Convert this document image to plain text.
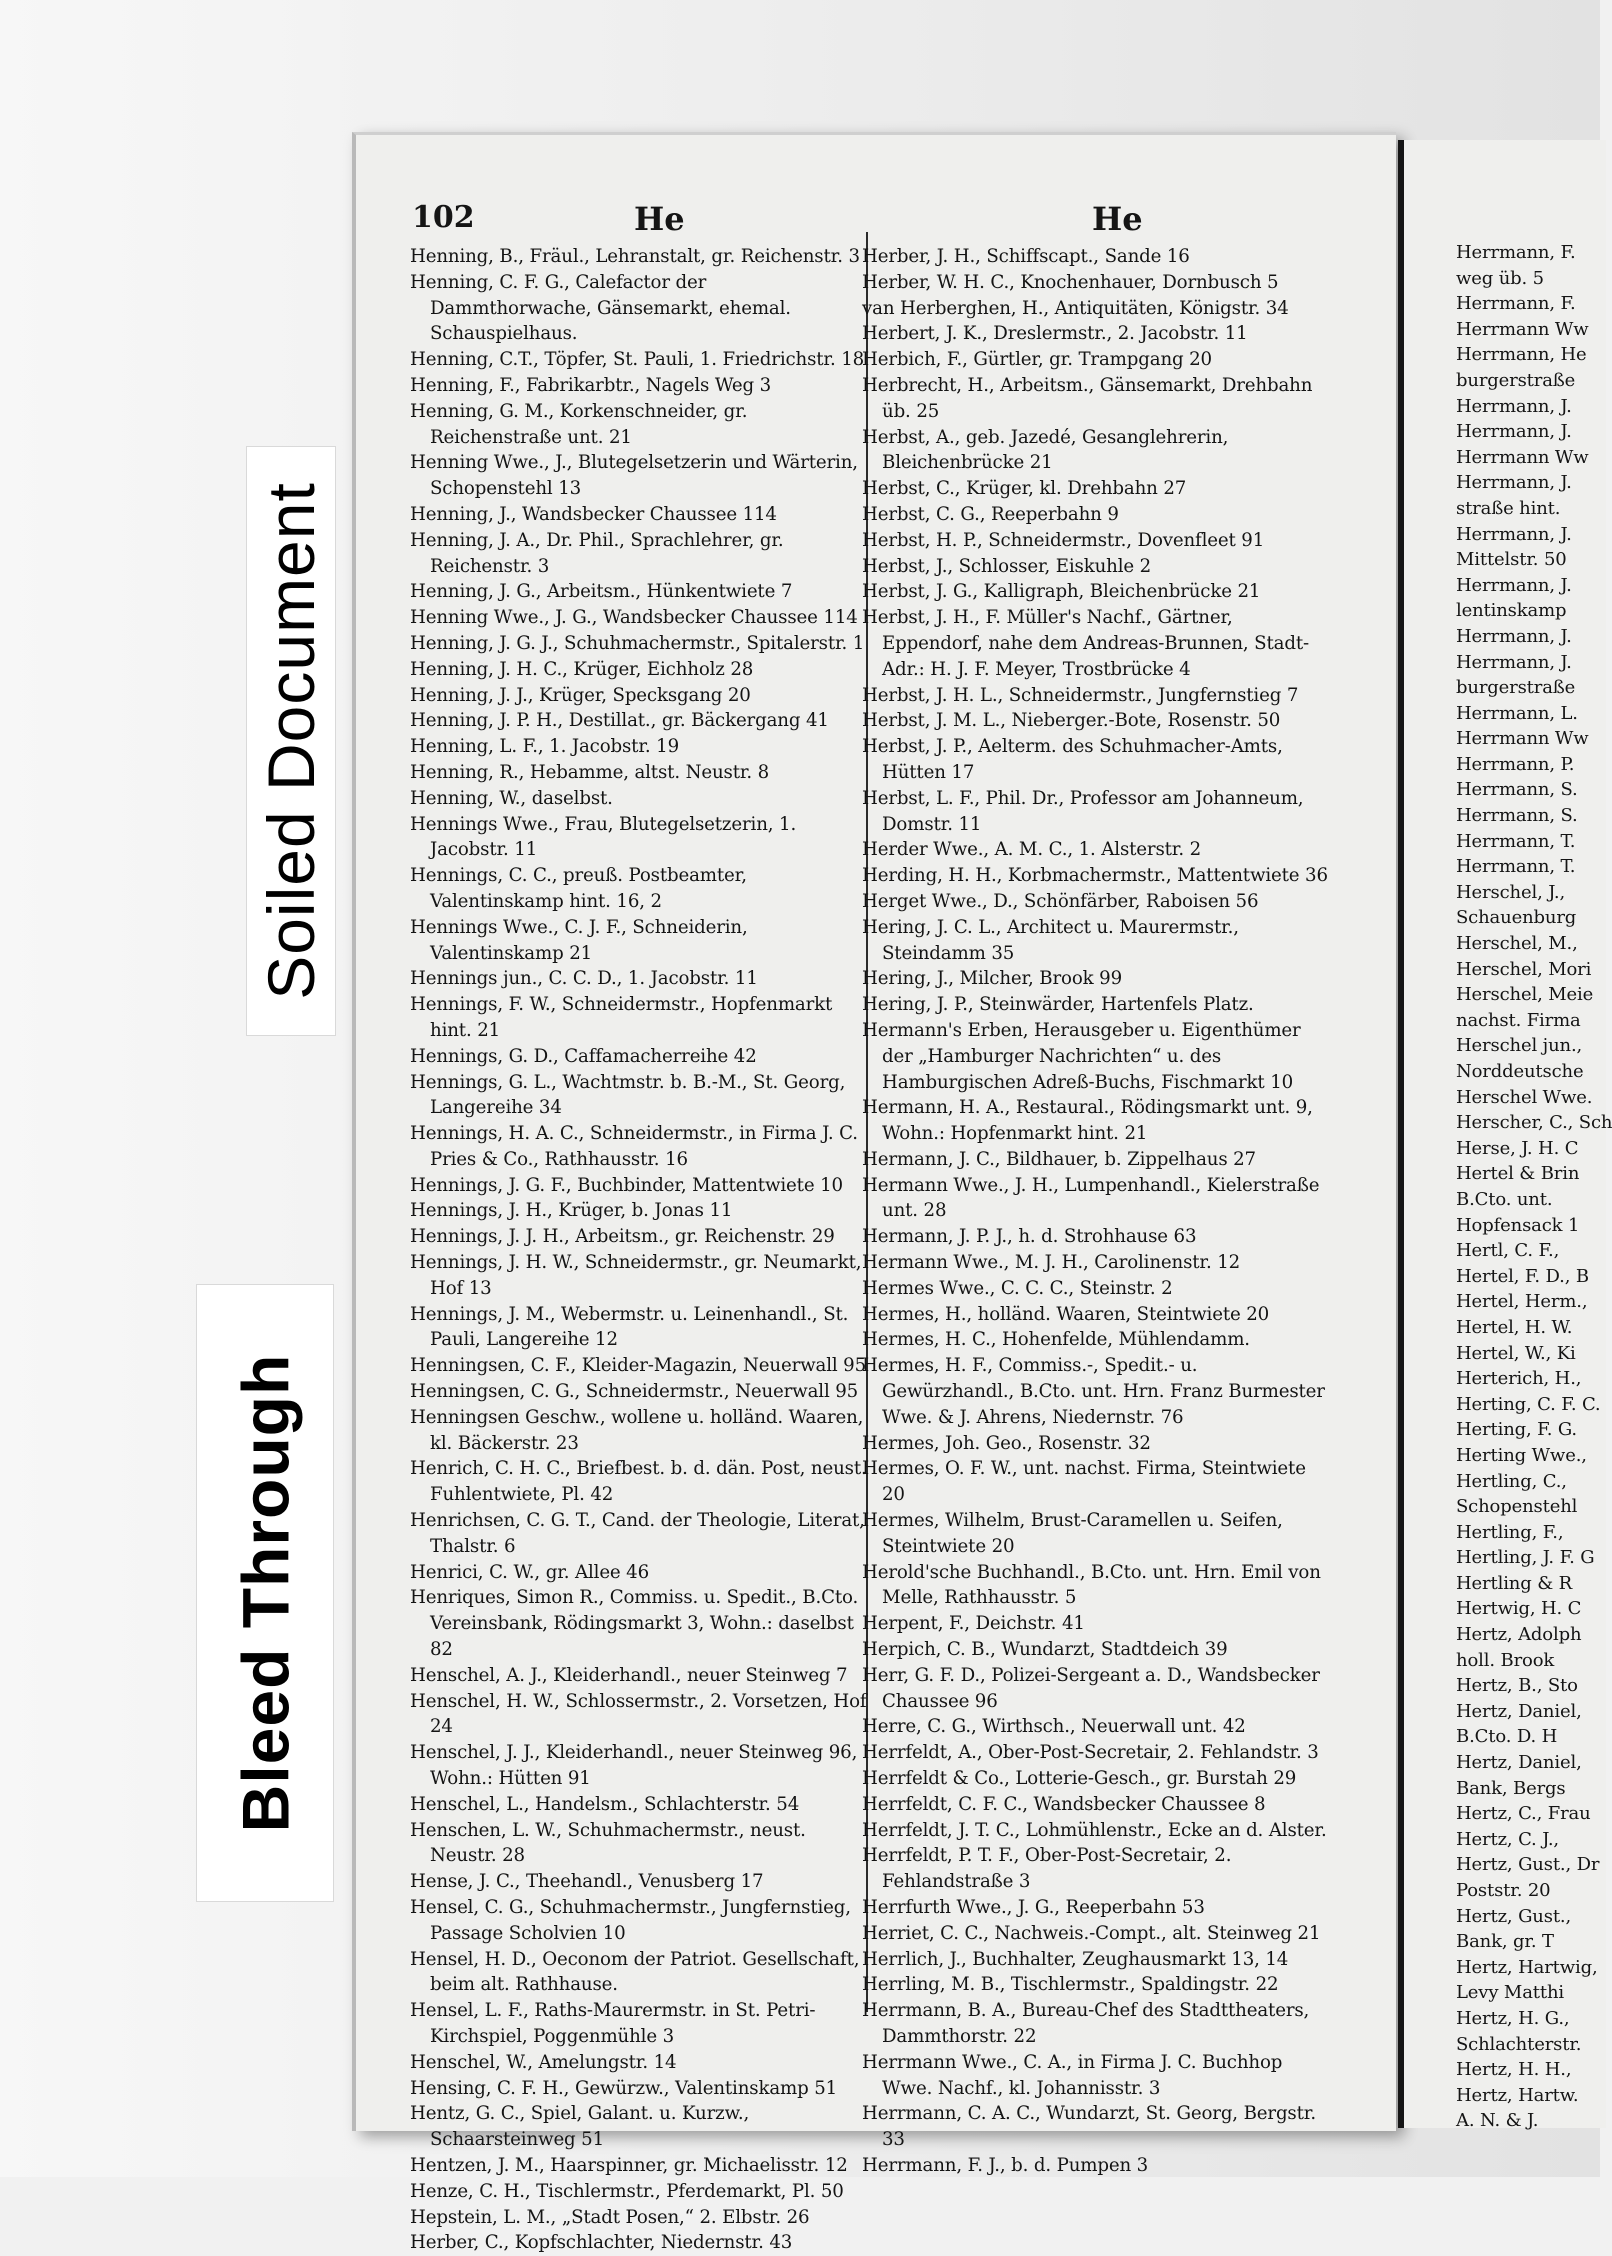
102	He	He
Henning, B., Fräul., Lehranstalt, gr. Reichenstr. 3
Henning, C. F. G., Calefactor der Dammthorwache, Gänsemarkt, ehemal. Schauspielhaus.
Henning, C.T., Töpfer, St. Pauli, 1. Friedrichstr. 18
Henning, F., Fabrikarbtr., Nagels Weg 3
Henning, G. M., Korkenschneider, gr. Reichenstraße unt. 21
Henning Wwe., J., Blutegelsetzerin und Wärterin, Schopenstehl 13
Henning, J., Wandsbecker Chaussee 114
Henning, J. A., Dr. Phil., Sprachlehrer, gr. Reichenstr. 3
Henning, J. G., Arbeitsm., Hünkentwiete 7
Henning Wwe., J. G., Wandsbecker Chaussee 114
Henning, J. G. J., Schuhmachermstr., Spitalerstr. 1
Henning, J. H. C., Krüger, Eichholz 28
Henning, J. J., Krüger, Specksgang 20
Henning, J. P. H., Destillat., gr. Bäckergang 41
Henning, L. F., 1. Jacobstr. 19
Henning, R., Hebamme, altst. Neustr. 8
Henning, W., daselbst.
Hennings Wwe., Frau, Blutegelsetzerin, 1. Jacobstr. 11
Hennings, C. C., preuß. Postbeamter, Valentinskamp hint. 16, 2
Hennings Wwe., C. J. F., Schneiderin, Valentinskamp 21
Hennings jun., C. C. D., 1. Jacobstr. 11
Hennings, F. W., Schneidermstr., Hopfenmarkt hint. 21
Hennings, G. D., Caffamacherreihe 42
Hennings, G. L., Wachtmstr. b. B.-M., St. Georg, Langereihe 34
Hennings, H. A. C., Schneidermstr., in Firma J. C. Pries & Co., Rathhausstr. 16
Hennings, J. G. F., Buchbinder, Mattentwiete 10
Hennings, J. H., Krüger, b. Jonas 11
Hennings, J. J. H., Arbeitsm., gr. Reichenstr. 29
Hennings, J. H. W., Schneidermstr., gr. Neumarkt, Hof 13
Hennings, J. M., Webermstr. u. Leinenhandl., St. Pauli, Langereihe 12
Henningsen, C. F., Kleider-Magazin, Neuerwall 95
Henningsen, C. G., Schneidermstr., Neuerwall 95
Henningsen Geschw., wollene u. holländ. Waaren, kl. Bäckerstr. 23
Henrich, C. H. C., Briefbest. b. d. dän. Post, neust. Fuhlentwiete, Pl. 42
Henrichsen, C. G. T., Cand. der Theologie, Literat, Thalstr. 6
Henrici, C. W., gr. Allee 46
Henriques, Simon R., Commiss. u. Spedit., B.Cto. Vereinsbank, Rödingsmarkt 3, Wohn.: daselbst 82
Henschel, A. J., Kleiderhandl., neuer Steinweg 7
Henschel, H. W., Schlossermstr., 2. Vorsetzen, Hof 24
Henschel, J. J., Kleiderhandl., neuer Steinweg 96, Wohn.: Hütten 91
Henschel, L., Handelsm., Schlachterstr. 54
Henschen, L. W., Schuhmachermstr., neust. Neustr. 28
Hense, J. C., Theehandl., Venusberg 17
Hensel, C. G., Schuhmachermstr., Jungfernstieg, Passage Scholvien 10
Hensel, H. D., Oeconom der Patriot. Gesellschaft, beim alt. Rathhause.
Hensel, L. F., Raths-Maurermstr. in St. Petri-Kirchspiel, Poggenmühle 3
Henschel, W., Amelungstr. 14
Hensing, C. F. H., Gewürzw., Valentinskamp 51
Hentz, G. C., Spiel, Galant. u. Kurzw., Schaarsteinweg 51
Hentzen, J. M., Haarspinner, gr. Michaelisstr. 12
Henze, C. H., Tischlermstr., Pferdemarkt, Pl. 50
Hepstein, L. M., „Stadt Posen,“ 2. Elbstr. 26
Herber, C., Kopfschlachter, Niedernstr. 43
Herber, J. H., Schiffscapt., Sande 16
Herber, W. H. C., Knochenhauer, Dornbusch 5
van Herberghen, H., Antiquitäten, Königstr. 34
Herbert, J. K., Dreslermstr., 2. Jacobstr. 11
Herbich, F., Gürtler, gr. Trampgang 20
Herbrecht, H., Arbeitsm., Gänsemarkt, Drehbahn üb. 25
Herbst, A., geb. Jazedé, Gesanglehrerin, Bleichenbrücke 21
Herbst, C., Krüger, kl. Drehbahn 27
Herbst, C. G., Reeperbahn 9
Herbst, H. P., Schneidermstr., Dovenfleet 91
Herbst, J., Schlosser, Eiskuhle 2
Herbst, J. G., Kalligraph, Bleichenbrücke 21
Herbst, J. H., F. Müller's Nachf., Gärtner, Eppendorf, nahe dem Andreas-Brunnen, Stadt-Adr.: H. J. F. Meyer, Trostbrücke 4
Herbst, J. H. L., Schneidermstr., Jungfernstieg 7
Herbst, J. M. L., Nieberger.-Bote, Rosenstr. 50
Herbst, J. P., Aelterm. des Schuhmacher-Amts, Hütten 17
Herbst, L. F., Phil. Dr., Professor am Johanneum, Domstr. 11
Herder Wwe., A. M. C., 1. Alsterstr. 2
Herding, H. H., Korbmachermstr., Mattentwiete 36
Herget Wwe., D., Schönfärber, Raboisen 56
Hering, J. C. L., Architect u. Maurermstr., Steindamm 35
Hering, J., Milcher, Brook 99
Hering, J. P., Steinwärder, Hartenfels Platz.
Hermann's Erben, Herausgeber u. Eigenthümer der „Hamburger Nachrichten“ u. des Hamburgischen Adreß-Buchs, Fischmarkt 10
Hermann, H. A., Restaural., Rödingsmarkt unt. 9, Wohn.: Hopfenmarkt hint. 21
Hermann, J. C., Bildhauer, b. Zippelhaus 27
Hermann Wwe., J. H., Lumpenhandl., Kielerstraße unt. 28
Hermann, J. P. J., h. d. Strohhause 63
Hermann Wwe., M. J. H., Carolinenstr. 12
Hermes Wwe., C. C. C., Steinstr. 2
Hermes, H., holländ. Waaren, Steintwiete 20
Hermes, H. C., Hohenfelde, Mühlendamm.
Hermes, H. F., Commiss.-, Spedit.- u. Gewürzhandl., B.Cto. unt. Hrn. Franz Burmester Wwe. & J. Ahrens, Niedernstr. 76
Hermes, Joh. Geo., Rosenstr. 32
Hermes, O. F. W., unt. nachst. Firma, Steintwiete 20
Hermes, Wilhelm, Brust-Caramellen u. Seifen, Steintwiete 20
Herold'sche Buchhandl., B.Cto. unt. Hrn. Emil von Melle, Rathhausstr. 5
Herpent, F., Deichstr. 41
Herpich, C. B., Wundarzt, Stadtdeich 39
Herr, G. F. D., Polizei-Sergeant a. D., Wandsbecker Chaussee 96
Herre, C. G., Wirthsch., Neuerwall unt. 42
Herrfeldt, A., Ober-Post-Secretair, 2. Fehlandstr. 3
Herrfeldt & Co., Lotterie-Gesch., gr. Burstah 29
Herrfeldt, C. F. C., Wandsbecker Chaussee 8
Herrfeldt, J. T. C., Lohmühlenstr., Ecke an d. Alster.
Herrfeldt, P. T. F., Ober-Post-Secretair, 2. Fehlandstraße 3
Herrfurth Wwe., J. G., Reeperbahn 53
Herriet, C. C., Nachweis.-Compt., alt. Steinweg 21
Herrlich, J., Buchhalter, Zeughausmarkt 13, 14
Herrling, M. B., Tischlermstr., Spaldingstr. 22
Herrmann, B. A., Bureau-Chef des Stadttheaters, Dammthorstr. 22
Herrmann Wwe., C. A., in Firma J. C. Buchhop Wwe. Nachf., kl. Johannisstr. 3
Herrmann, C. A. C., Wundarzt, St. Georg, Bergstr. 33
Herrmann, F. J., b. d. Pumpen 3
Herrmann, F.
weg üb. 5
Herrmann, F.
Herrmann Ww
Herrmann, He
burgerstraße
Herrmann, J.
Herrmann, J.
Herrmann Ww
Herrmann, J.
straße hint.
Herrmann, J.
Mittelstr. 50
Herrmann, J.
lentinskamp
Herrmann, J.
Herrmann, J.
burgerstraße
Herrmann, L.
Herrmann Ww
Herrmann, P.
Herrmann, S.
Herrmann, S.
Herrmann, T.
Herrmann, T.
Herschel, J.,
Schauenburg
Herschel, M.,
Herschel, Mori
Herschel, Meie
nachst. Firma
Herschel jun.,
Norddeutsche
Herschel Wwe.
Herscher, C., Sch
Herse, J. H. C
Hertel & Brin
B.Cto. unt.
Hopfensack 1
Hertl, C. F.,
Hertel, F. D., B
Hertel, Herm.,
Hertel, H. W.
Hertel, W., Ki
Herterich, H.,
Herting, C. F. C.
Herting, F. G.
Herting Wwe.,
Hertling, C.,
Schopenstehl
Hertling, F.,
Hertling, J. F. G
Hertling & R
Hertwig, H. C
Hertz, Adolph
holl. Brook
Hertz, B., Sto
Hertz, Daniel,
B.Cto. D. H
Hertz, Daniel,
Bank, Bergs
Hertz, C., Frau
Hertz, C. J.,
Hertz, Gust., Dr
Poststr. 20
Hertz, Gust.,
Bank, gr. T
Hertz, Hartwig,
Levy Matthi
Hertz, H. G.,
Schlachterstr.
Hertz, H. H.,
Hertz, Hartw.
A. N. & J.
Soiled Document
Bleed Through
